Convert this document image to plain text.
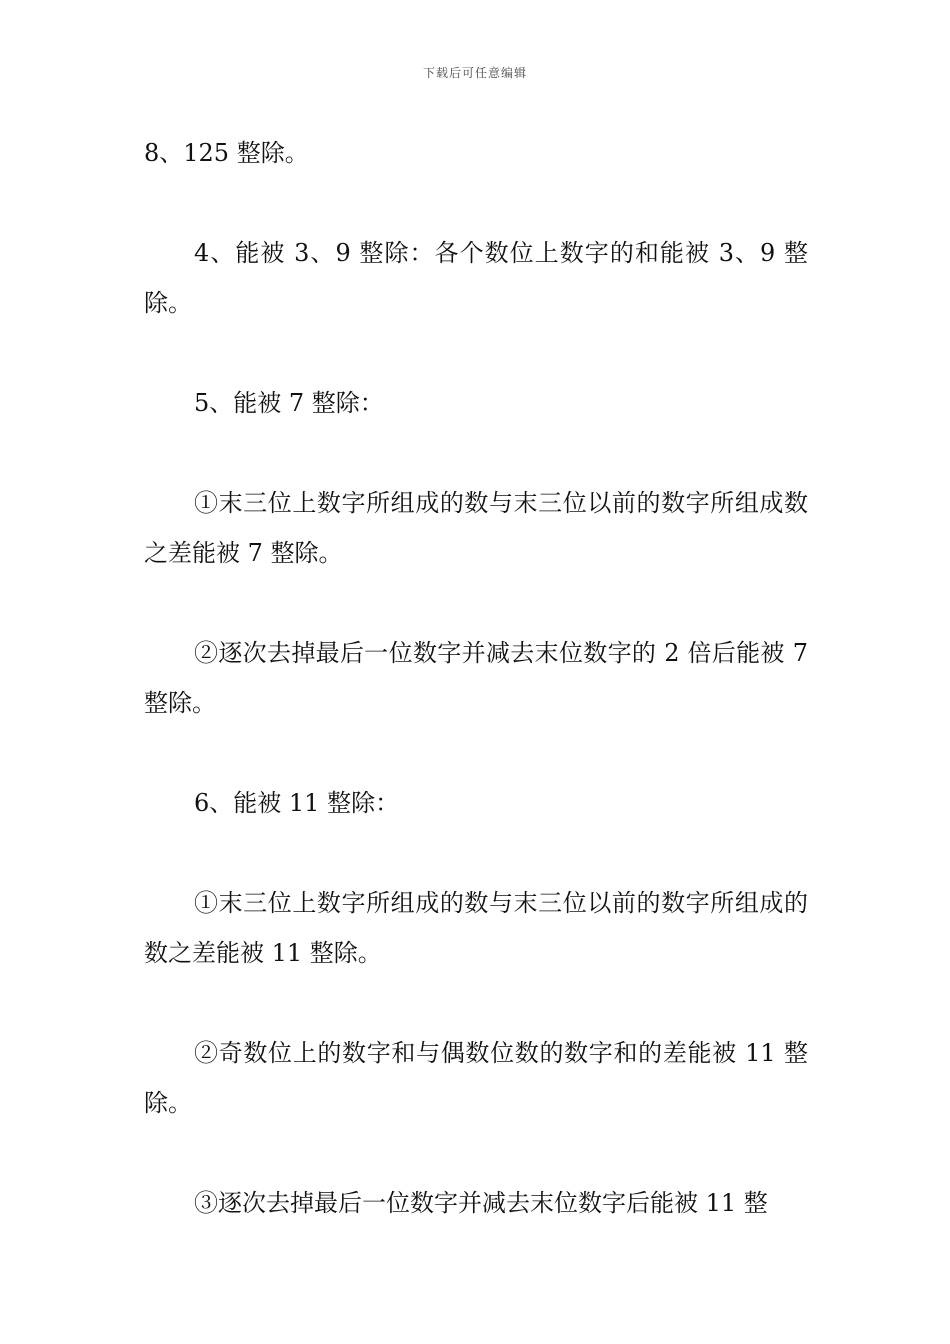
下载后可任意编辑

8、125 整除。

4、能被 3、9 整除：各个数位上数字的和能被 3、9 整除。

5、能被 7 整除：

①末三位上数字所组成的数与末三位以前的数字所组成数之差能被 7 整除。

②逐次去掉最后一位数字并减去末位数字的 2 倍后能被 7 整除。

6、能被 11 整除：

①末三位上数字所组成的数与末三位以前的数字所组成的数之差能被 11 整除。

②奇数位上的数字和与偶数位数的数字和的差能被 11 整除。

③逐次去掉最后一位数字并减去末位数字后能被 11 整
